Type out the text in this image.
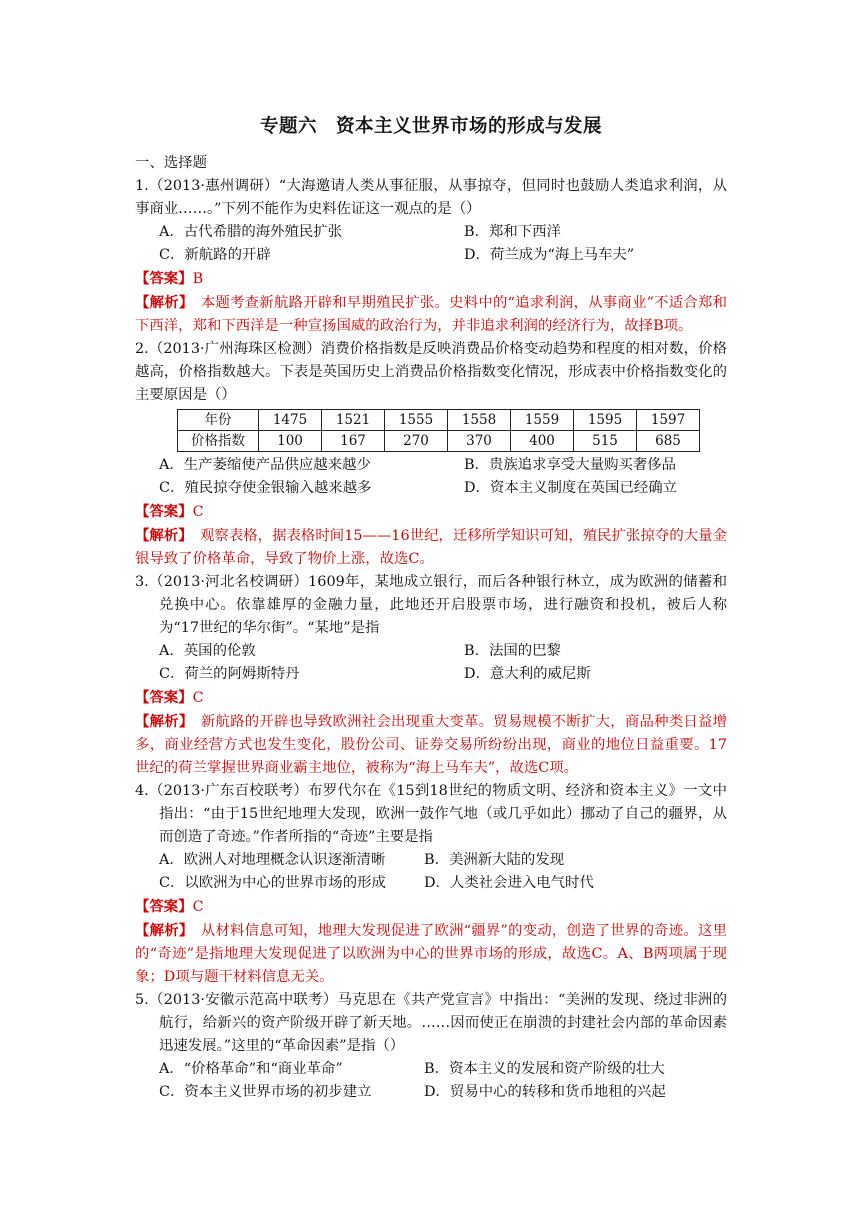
专题六　资本主义世界市场的形成与发展
一、选择题

1.（2013·惠州调研）“大海邀请人类从事征服，从事掠夺，但同时也鼓励人类追求利润，从事商业……。”下列不能作为史料佐证这一观点的是（）

A．古代希腊的海外殖民扩张	B．郑和下西洋
C．新航路的开辟	D．荷兰成为“海上马车夫”

【答案】B

【解析】　本题考查新航路开辟和早期殖民扩张。史料中的“追求利润，从事商业”不适合郑和下西洋，郑和下西洋是一种宣扬国威的政治行为，并非追求利润的经济行为，故择B项。

2.（2013·广州海珠区检测）消费价格指数是反映消费品价格变动趋势和程度的相对数，价格越高，价格指数越大。下表是英国历史上消费品价格指数变化情况，形成表中价格指数变化的主要原因是（）

年份	1475	1521	1555	1558	1559	1595	1597
价格指数	100	167	270	370	400	515	685
A．生产萎缩使产品供应越来越少	B．贵族追求享受大量购买奢侈品
C．殖民掠夺使金银输入越来越多	D．资本主义制度在英国已经确立

【答案】C

【解析】　观察表格，据表格时间15——16世纪，迁移所学知识可知，殖民扩张掠夺的大量金银导致了价格革命，导致了物价上涨，故选C。

3.（2013·河北名校调研）1609年，某地成立银行，而后各种银行林立，成为欧洲的储蓄和兑换中心。依靠雄厚的金融力量，此地还开启股票市场，进行融资和投机，被后人称为“17世纪的华尔街”。“某地”是指

A．英国的伦敦	B．法国的巴黎
C．荷兰的阿姆斯特丹	D．意大利的威尼斯

【答案】C

【解析】　新航路的开辟也导致欧洲社会出现重大变革。贸易规模不断扩大，商品种类日益增多，商业经营方式也发生变化，股份公司、证券交易所纷纷出现，商业的地位日益重要。17世纪的荷兰掌握世界商业霸主地位，被称为“海上马车夫”，故选C项。

4.（2013·广东百校联考）布罗代尔在《15到18世纪的物质文明、经济和资本主义》一文中指出：“由于15世纪地理大发现，欧洲一鼓作气地（或几乎如此）挪动了自己的疆界，从而创造了奇迹。”作者所指的“奇迹”主要是指

A．欧洲人对地理概念认识逐渐清晰	B．美洲新大陆的发现
C．以欧洲为中心的世界市场的形成	D．人类社会进入电气时代

【答案】C

【解析】　从材料信息可知，地理大发现促进了欧洲“疆界”的变动，创造了世界的奇迹。这里的“奇迹”是指地理大发现促进了以欧洲为中心的世界市场的形成，故选C。A、B两项属于现象；D项与题干材料信息无关。

5.（2013·安徽示范高中联考）马克思在《共产党宣言》中指出：“美洲的发现、绕过非洲的航行，给新兴的资产阶级开辟了新天地。……因而使正在崩溃的封建社会内部的革命因素迅速发展。”这里的“革命因素”是指（）

A．“价格革命”和“商业革命”	B．资本主义的发展和资产阶级的壮大
C．资本主义世界市场的初步建立	D．贸易中心的转移和货币地租的兴起
